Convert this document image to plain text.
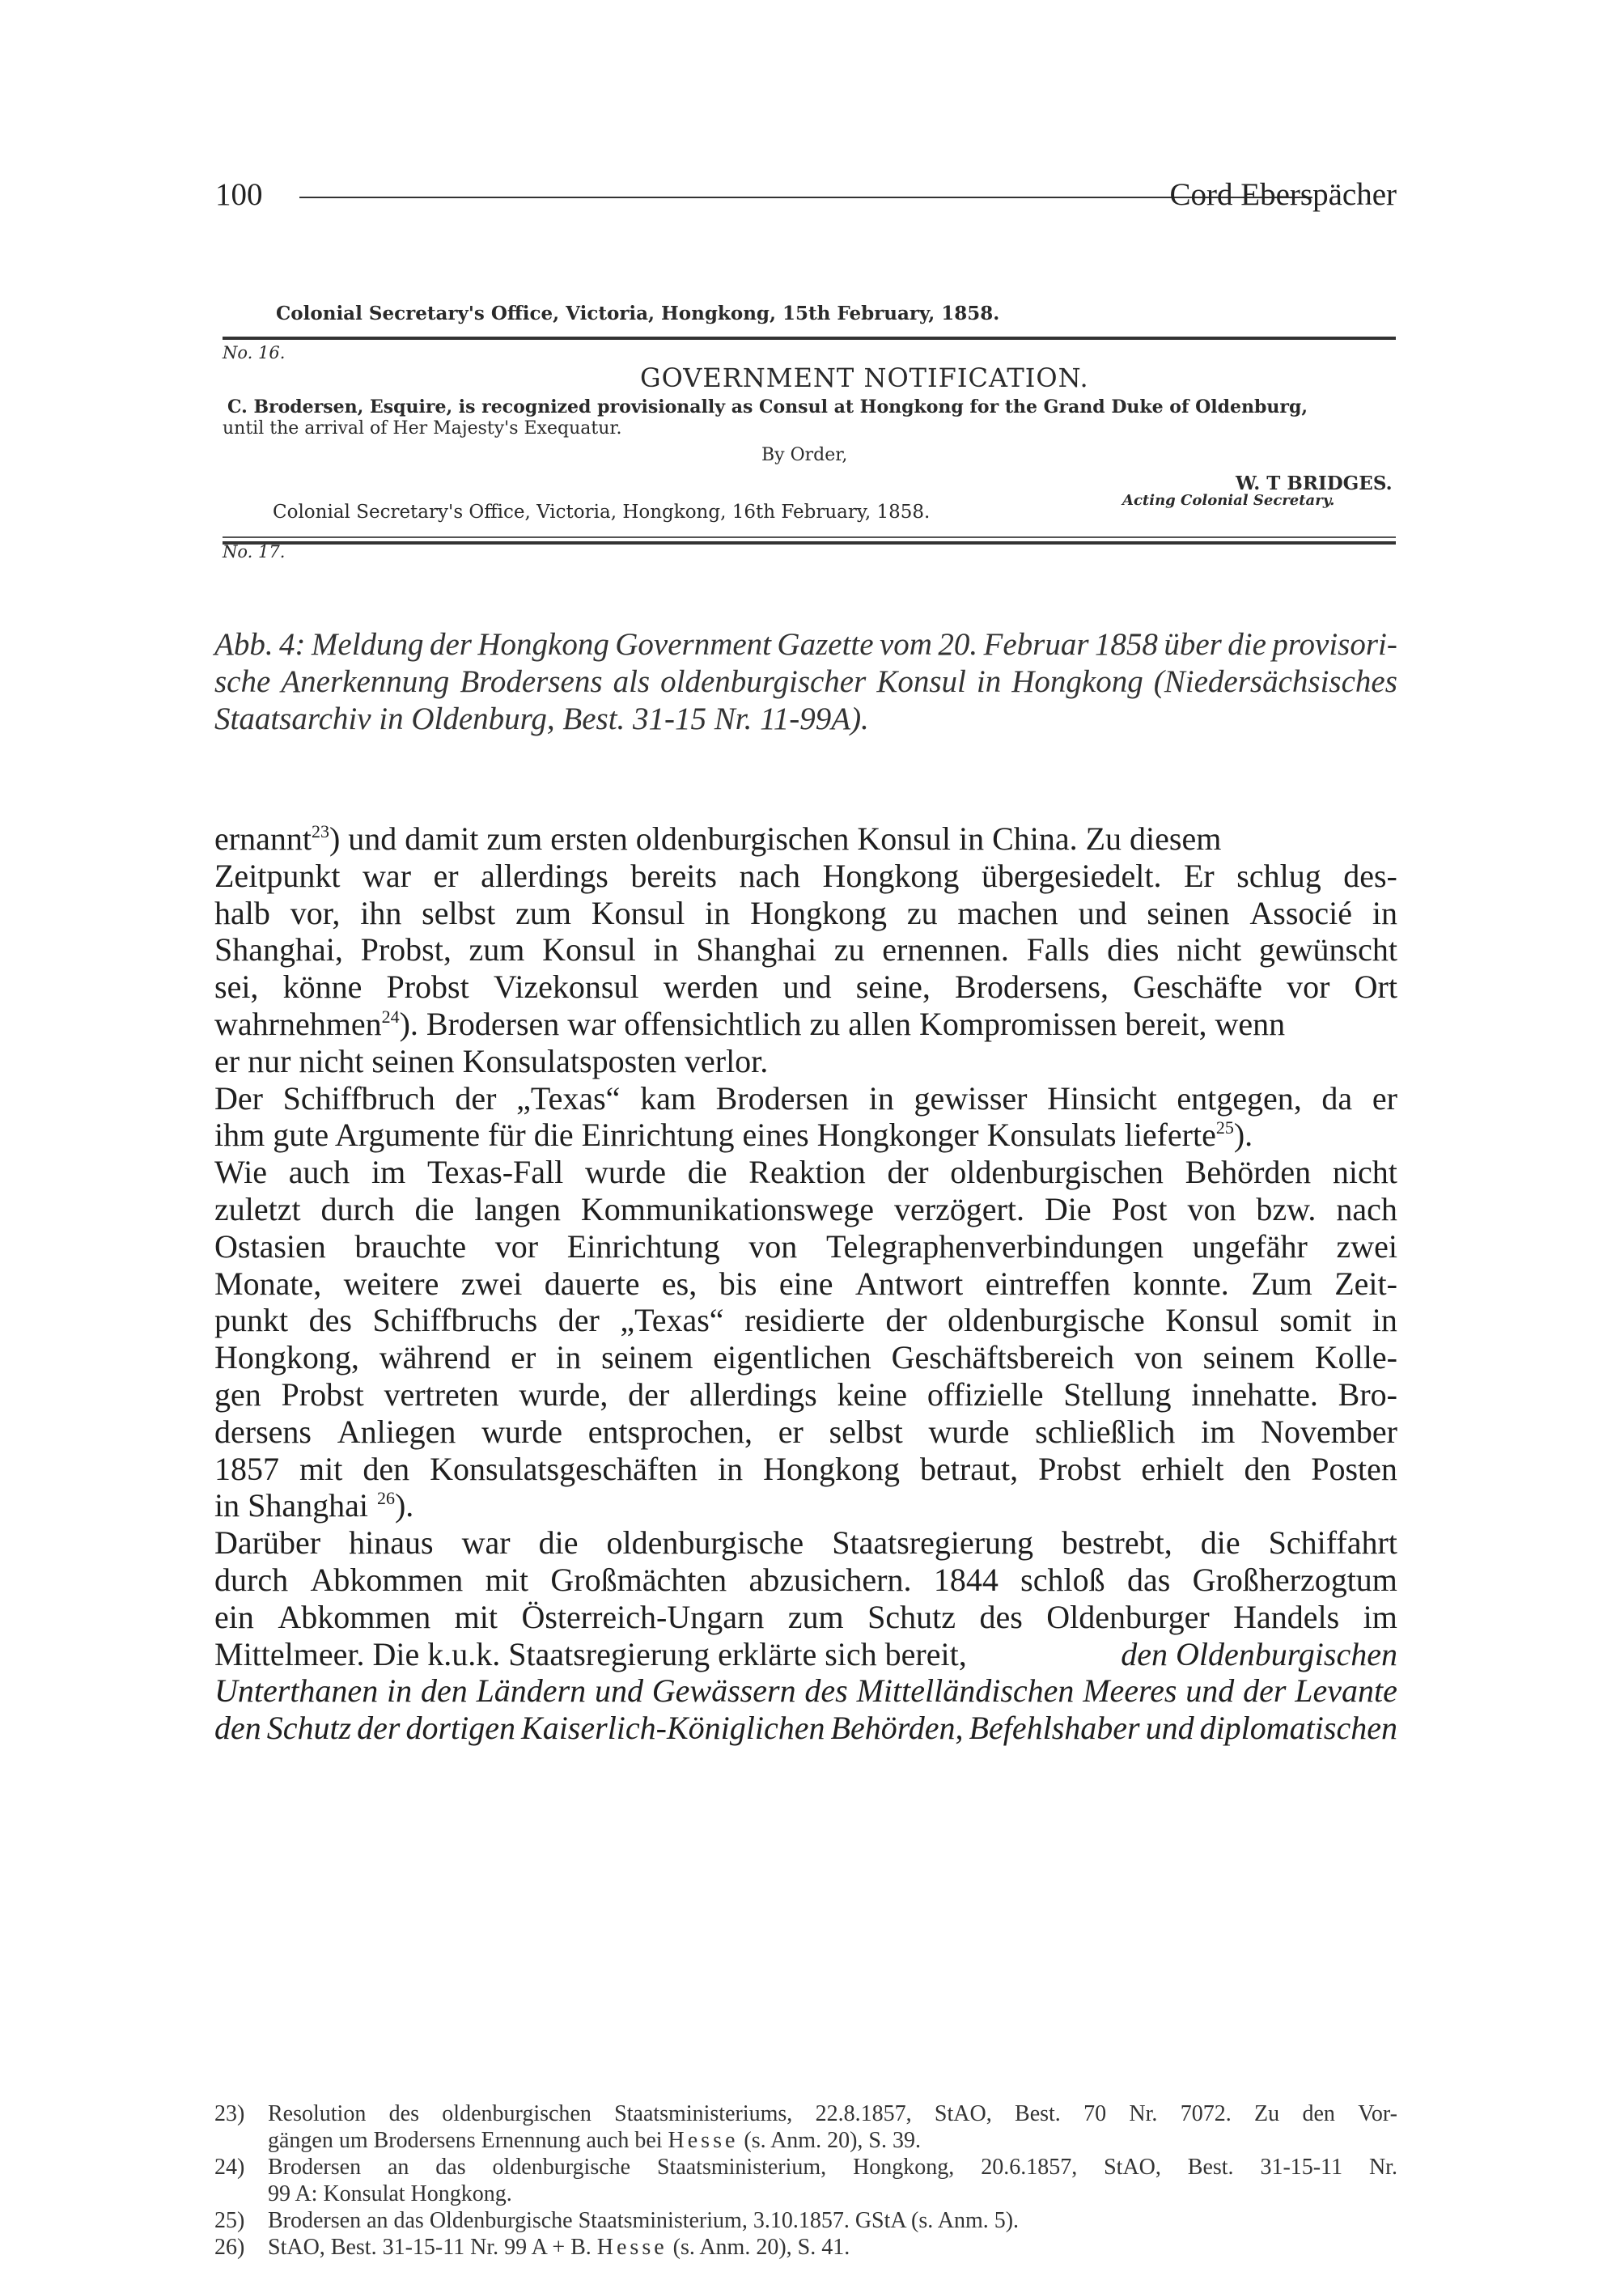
100	Cord Eberspächer
Colonial Secretary's Office, Victoria, Hongkong, 15th February, 1858.
No. 16.
GOVERNMENT NOTIFICATION.
C. Brodersen, Esquire, is recognized provisionally as Consul at Hongkong for the Grand Duke of Oldenburg,
until the arrival of Her Majesty's Exequatur.
By Order,
W. T BRIDGES.
Acting Colonial Secretary.
Colonial Secretary's Office, Victoria, Hongkong, 16th February, 1858.
No. 17.
Abb. 4: Meldung der Hongkong Government Gazette vom 20. Februar 1858 über die provisori-
sche Anerkennung Brodersens als oldenburgischer Konsul in Hongkong (Niedersächsisches
Staatsarchiv in Oldenburg, Best. 31-15 Nr. 11-99A).
ernannt$^{23}$) und damit zum ersten oldenburgischen Konsul in China. Zu diesem
Zeitpunkt war er allerdings bereits nach Hongkong übergesiedelt. Er schlug des-
halb vor, ihn selbst zum Konsul in Hongkong zu machen und seinen Associé in
Shanghai, Probst, zum Konsul in Shanghai zu ernennen. Falls dies nicht gewünscht
sei, könne Probst Vizekonsul werden und seine, Brodersens, Geschäfte vor Ort
wahrnehmen$^{24}$). Brodersen war offensichtlich zu allen Kompromissen bereit, wenn
er nur nicht seinen Konsulatsposten verlor.
Der Schiffbruch der „Texas“ kam Brodersen in gewisser Hinsicht entgegen, da er
ihm gute Argumente für die Einrichtung eines Hongkonger Konsulats lieferte$^{25}$).
Wie auch im Texas-Fall wurde die Reaktion der oldenburgischen Behörden nicht
zuletzt durch die langen Kommunikationswege verzögert. Die Post von bzw. nach
Ostasien brauchte vor Einrichtung von Telegraphenverbindungen ungefähr zwei
Monate, weitere zwei dauerte es, bis eine Antwort eintreffen konnte. Zum Zeit-
punkt des Schiffbruchs der „Texas“ residierte der oldenburgische Konsul somit in
Hongkong, während er in seinem eigentlichen Geschäftsbereich von seinem Kolle-
gen Probst vertreten wurde, der allerdings keine offizielle Stellung innehatte. Bro-
dersens Anliegen wurde entsprochen, er selbst wurde schließlich im November
1857 mit den Konsulatsgeschäften in Hongkong betraut, Probst erhielt den Posten
in Shanghai $^{26}$).
Darüber hinaus war die oldenburgische Staatsregierung bestrebt, die Schiffahrt
durch Abkommen mit Großmächten abzusichern. 1844 schloß das Großherzogtum
ein Abkommen mit Österreich-Ungarn zum Schutz des Oldenburger Handels im
Mittelmeer. Die k.u.k. Staatsregierung erklärte sich bereit,	den Oldenburgischen
Unterthanen in den Ländern und Gewässern des Mittelländischen Meeres und der Levante
den Schutz der dortigen Kaiserlich-Königlichen Behörden, Befehlshaber und diplomatischen
23) Resolution des oldenburgischen Staatsministeriums, 22.8.1857, StAO, Best. 70 Nr. 7072. Zu den Vor-
gängen um Brodersens Ernennung auch bei Hesse (s. Anm. 20), S. 39.
24) Brodersen an das oldenburgische Staatsministerium, Hongkong, 20.6.1857, StAO, Best. 31-15-11 Nr.
99 A: Konsulat Hongkong.
25) Brodersen an das Oldenburgische Staatsministerium, 3.10.1857. GStA (s. Anm. 5).
26) StAO, Best. 31-15-11 Nr. 99 A + B. Hesse (s. Anm. 20), S. 41.
